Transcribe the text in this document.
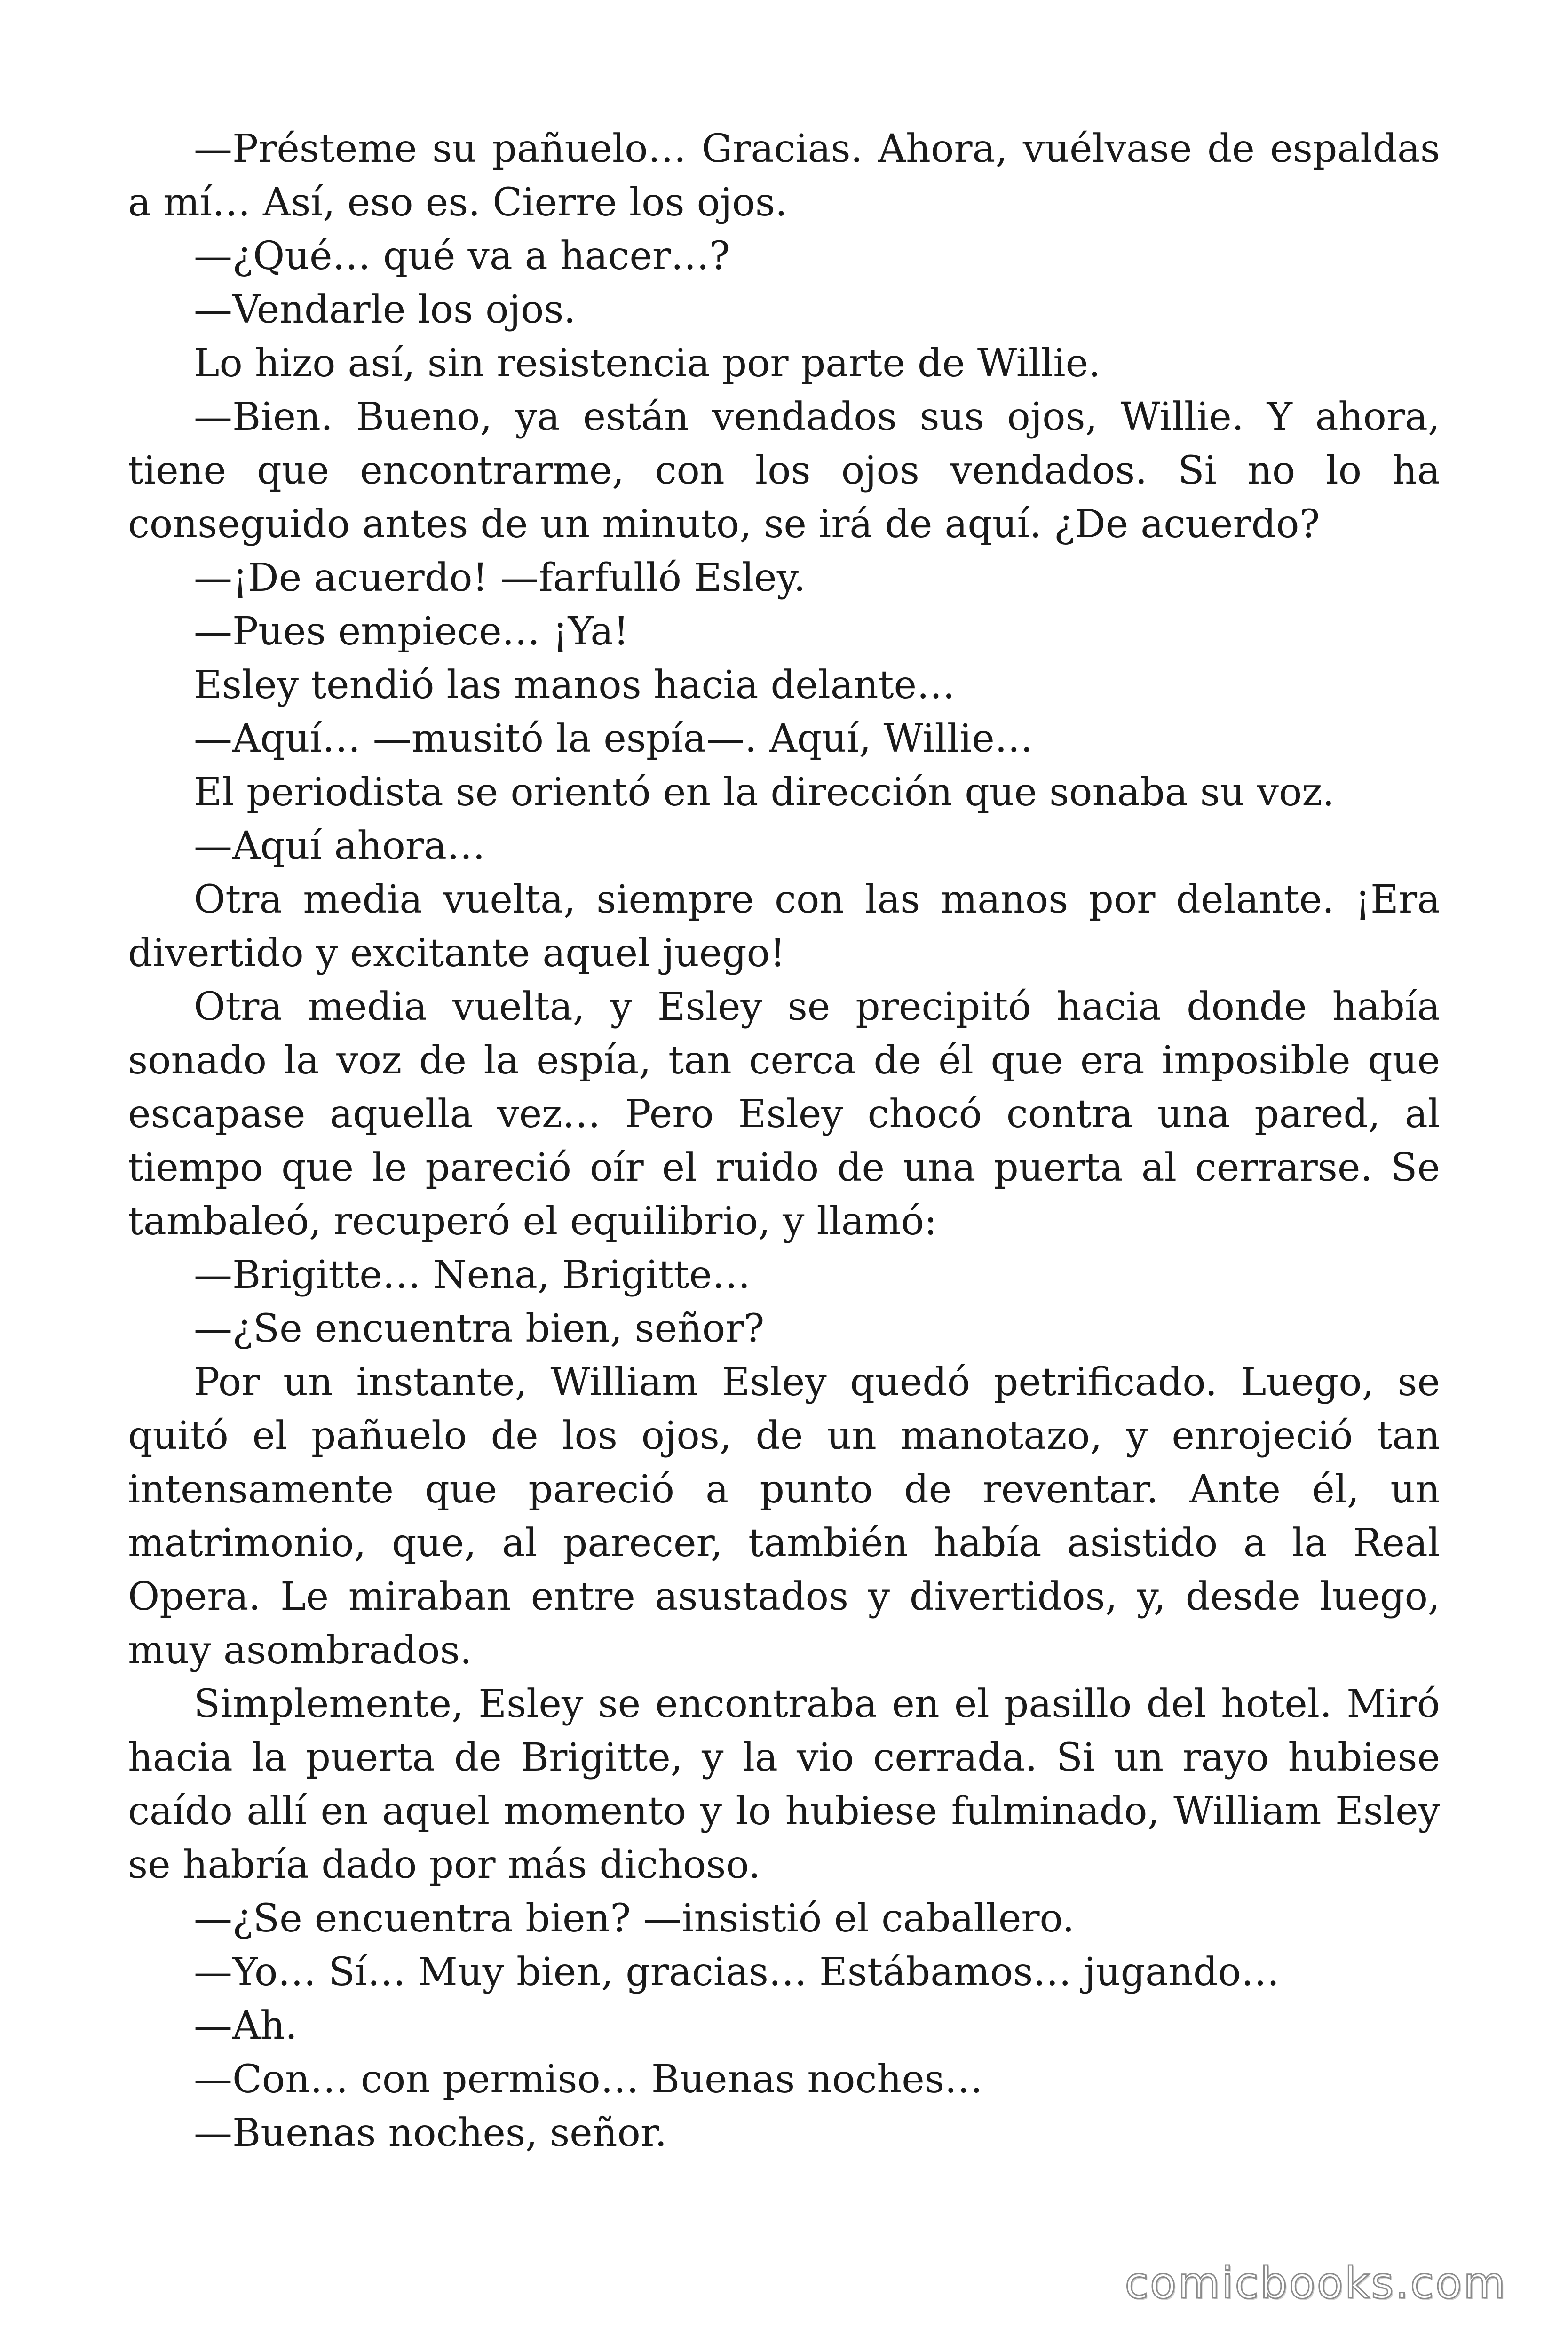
—Présteme su pañuelo… Gracias. Ahora, vuélvase de espaldas a mí… Así, eso es. Cierre los ojos.

—¿Qué… qué va a hacer…?

—Vendarle los ojos.

Lo hizo así, sin resistencia por parte de Willie.

—Bien. Bueno, ya están vendados sus ojos, Willie. Y ahora, tiene que encontrarme, con los ojos vendados. Si no lo ha conseguido antes de un minuto, se irá de aquí. ¿De acuerdo?

—¡De acuerdo! —farfulló Esley.

—Pues empiece… ¡Ya!

Esley tendió las manos hacia delante…

—Aquí… —musitó la espía—. Aquí, Willie…

El periodista se orientó en la dirección que sonaba su voz.

—Aquí ahora…

Otra media vuelta, siempre con las manos por delante. ¡Era divertido y excitante aquel juego!

Otra media vuelta, y Esley se precipitó hacia donde había sonado la voz de la espía, tan cerca de él que era imposible que escapase aquella vez… Pero Esley chocó contra una pared, al tiempo que le pareció oír el ruido de una puerta al cerrarse. Se tambaleó, recuperó el equilibrio, y llamó:

—Brigitte… Nena, Brigitte…

—¿Se encuentra bien, señor?

Por un instante, William Esley quedó petrificado. Luego, se quitó el pañuelo de los ojos, de un manotazo, y enrojeció tan intensamente que pareció a punto de reventar. Ante él, un matrimonio, que, al parecer, también había asistido a la Real Opera. Le miraban entre asustados y divertidos, y, desde luego, muy asombrados.

Simplemente, Esley se encontraba en el pasillo del hotel. Miró hacia la puerta de Brigitte, y la vio cerrada. Si un rayo hubiese caído allí en aquel momento y lo hubiese fulminado, William Esley se habría dado por más dichoso.

—¿Se encuentra bien? —insistió el caballero.

—Yo… Sí… Muy bien, gracias… Estábamos… jugando…

—Ah.

—Con… con permiso… Buenas noches…

—Buenas noches, señor.

comicbooks.com
